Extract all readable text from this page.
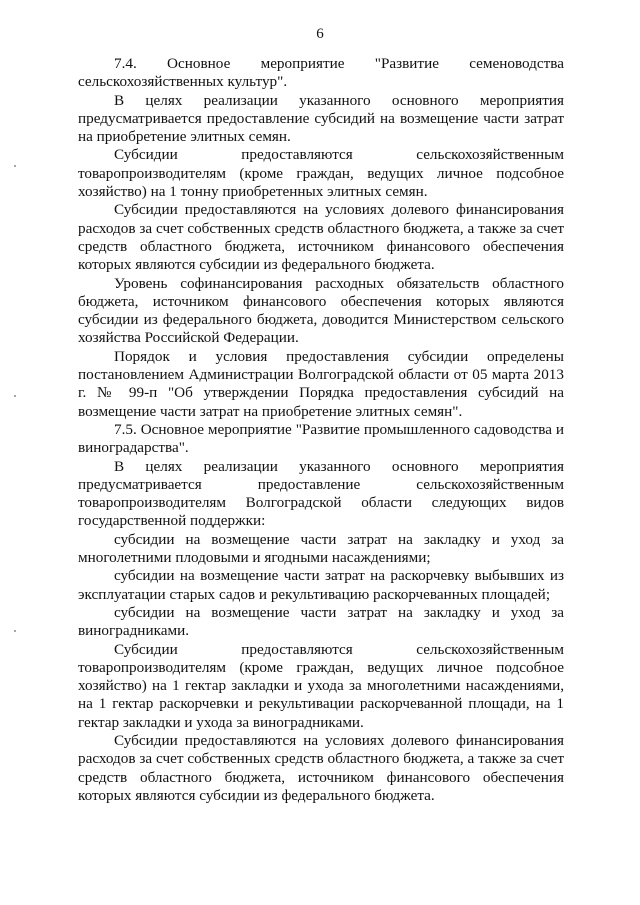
6

7.4. Основное мероприятие "Развитие семеноводства сельскохозяйственных культур".

В целях реализации указанного основного мероприятия предусматривается предоставление субсидий на возмещение части затрат на приобретение элитных семян.

Субсидии предоставляются сельскохозяйственным товаропроизводителям (кроме граждан, ведущих личное подсобное хозяйство) на 1 тонну приобретенных элитных семян.

Субсидии предоставляются на условиях долевого финансирования расходов за счет собственных средств областного бюджета, а также за счет средств областного бюджета, источником финансового обеспечения которых являются субсидии из федерального бюджета.

Уровень софинансирования расходных обязательств областного бюджета, источником финансового обеспечения которых являются субсидии из федерального бюджета, доводится Министерством сельского хозяйства Российской Федерации.

Порядок и условия предоставления субсидии определены постановлением Администрации Волгоградской области от 05 марта 2013 г. № 99-п "Об утверждении Порядка предоставления субсидий на возмещение части затрат на приобретение элитных семян".

7.5. Основное мероприятие "Развитие промышленного садоводства и виноградарства".

В целях реализации указанного основного мероприятия предусматривается предоставление сельскохозяйственным товаропроизводителям Волгоградской области следующих видов государственной поддержки:

субсидии на возмещение части затрат на закладку и уход за многолетними плодовыми и ягодными насаждениями;

субсидии на возмещение части затрат на раскорчевку выбывших из эксплуатации старых садов и рекультивацию раскорчеванных площадей;

субсидии на возмещение части затрат на закладку и уход за виноградниками.

Субсидии предоставляются сельскохозяйственным товаропроизводителям (кроме граждан, ведущих личное подсобное хозяйство) на 1 гектар закладки и ухода за многолетними насаждениями, на 1 гектар раскорчевки и рекультивации раскорчеванной площади, на 1 гектар закладки и ухода за виноградниками.

Субсидии предоставляются на условиях долевого финансирования расходов за счет собственных средств областного бюджета, а также за счет средств областного бюджета, источником финансового обеспечения которых являются субсидии из федерального бюджета.
